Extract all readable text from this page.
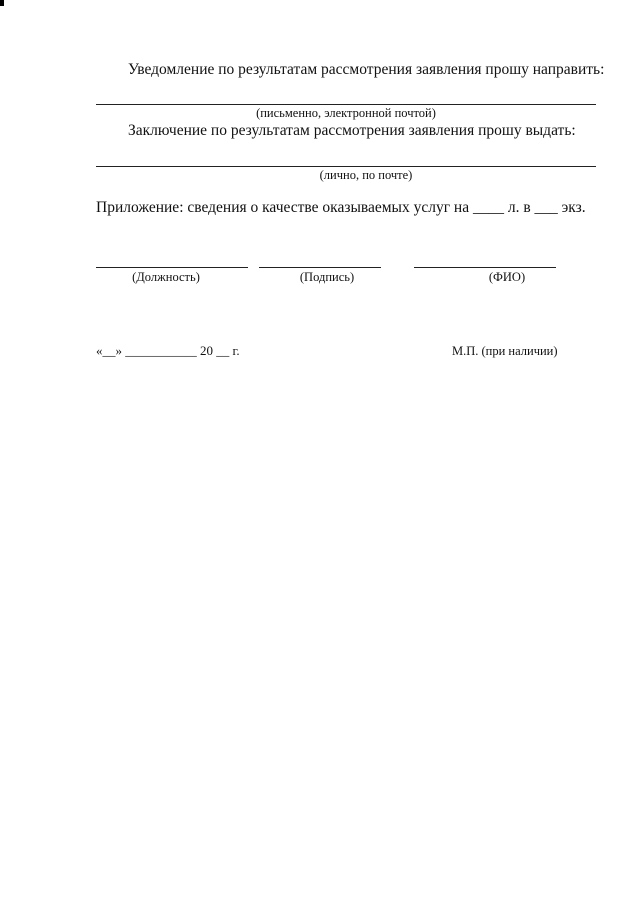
Уведомление по результатам рассмотрения заявления прошу направить:
(письменно, электронной почтой)
Заключение по результатам рассмотрения заявления прошу выдать:
(лично, по почте)
Приложение: сведения о качестве оказываемых услуг на ____ л. в ___ экз.
(Должность)	(Подпись)	(ФИО)
«__» ___________ 20 __ г.	М.П. (при наличии)
